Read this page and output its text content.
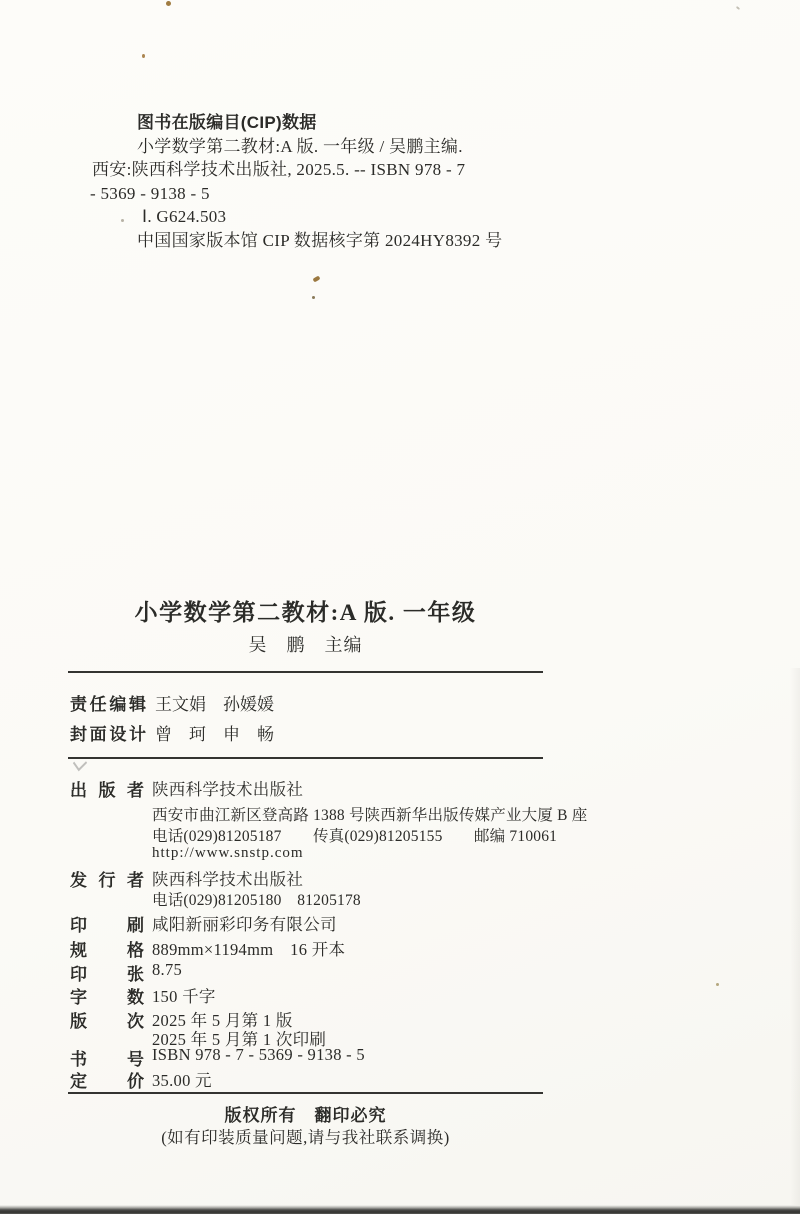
图书在版编目(CIP)数据
小学数学第二教材:A 版. 一年级 / 吴鹏主编.
西安:陕西科学技术出版社, 2025.5. -- ISBN 978 - 7
- 5369 - 9138 - 5
Ⅰ. G624.503
中国国家版本馆 CIP 数据核字第 2024HY8392 号
小学数学第二教材:A 版. 一年级
吴　鹏　主编
责任编辑 王文娟　孙媛媛
封面设计 曾　珂　申　畅
出版者 陕西科学技术出版社
西安市曲江新区登高路 1388 号陕西新华出版传媒产业大厦 B 座
电话(029)81205187　　传真(029)81205155　　邮编 710061
http://www.snstp.com
发行者 陕西科学技术出版社
电话(029)81205180　81205178
印刷 咸阳新丽彩印务有限公司
规格 889mm×1194mm　16 开本
印张 8.75
字数 150 千字
版次 2025 年 5 月第 1 版
2025 年 5 月第 1 次印刷
书号 ISBN 978 - 7 - 5369 - 9138 - 5
定价 35.00 元
版权所有　翻印必究
(如有印装质量问题,请与我社联系调换)
